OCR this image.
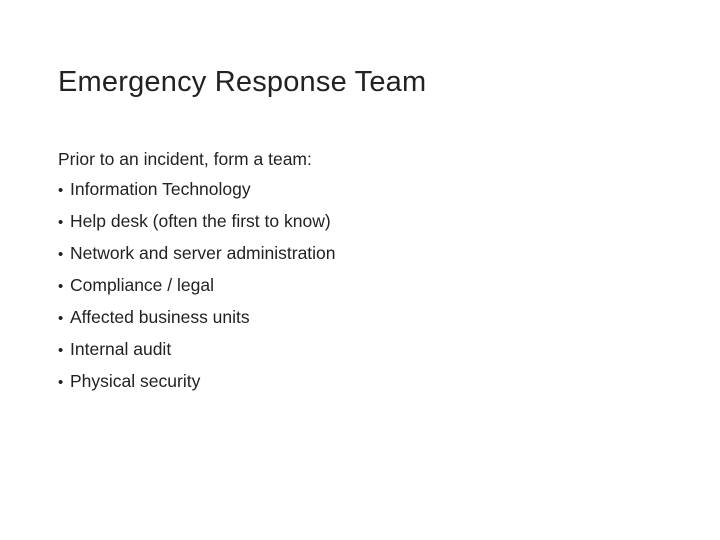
Emergency Response Team

Prior to an incident, form a team:

• Information Technology
• Help desk (often the first to know)
• Network and server administration
• Compliance / legal
• Affected business units
• Internal audit
• Physical security
